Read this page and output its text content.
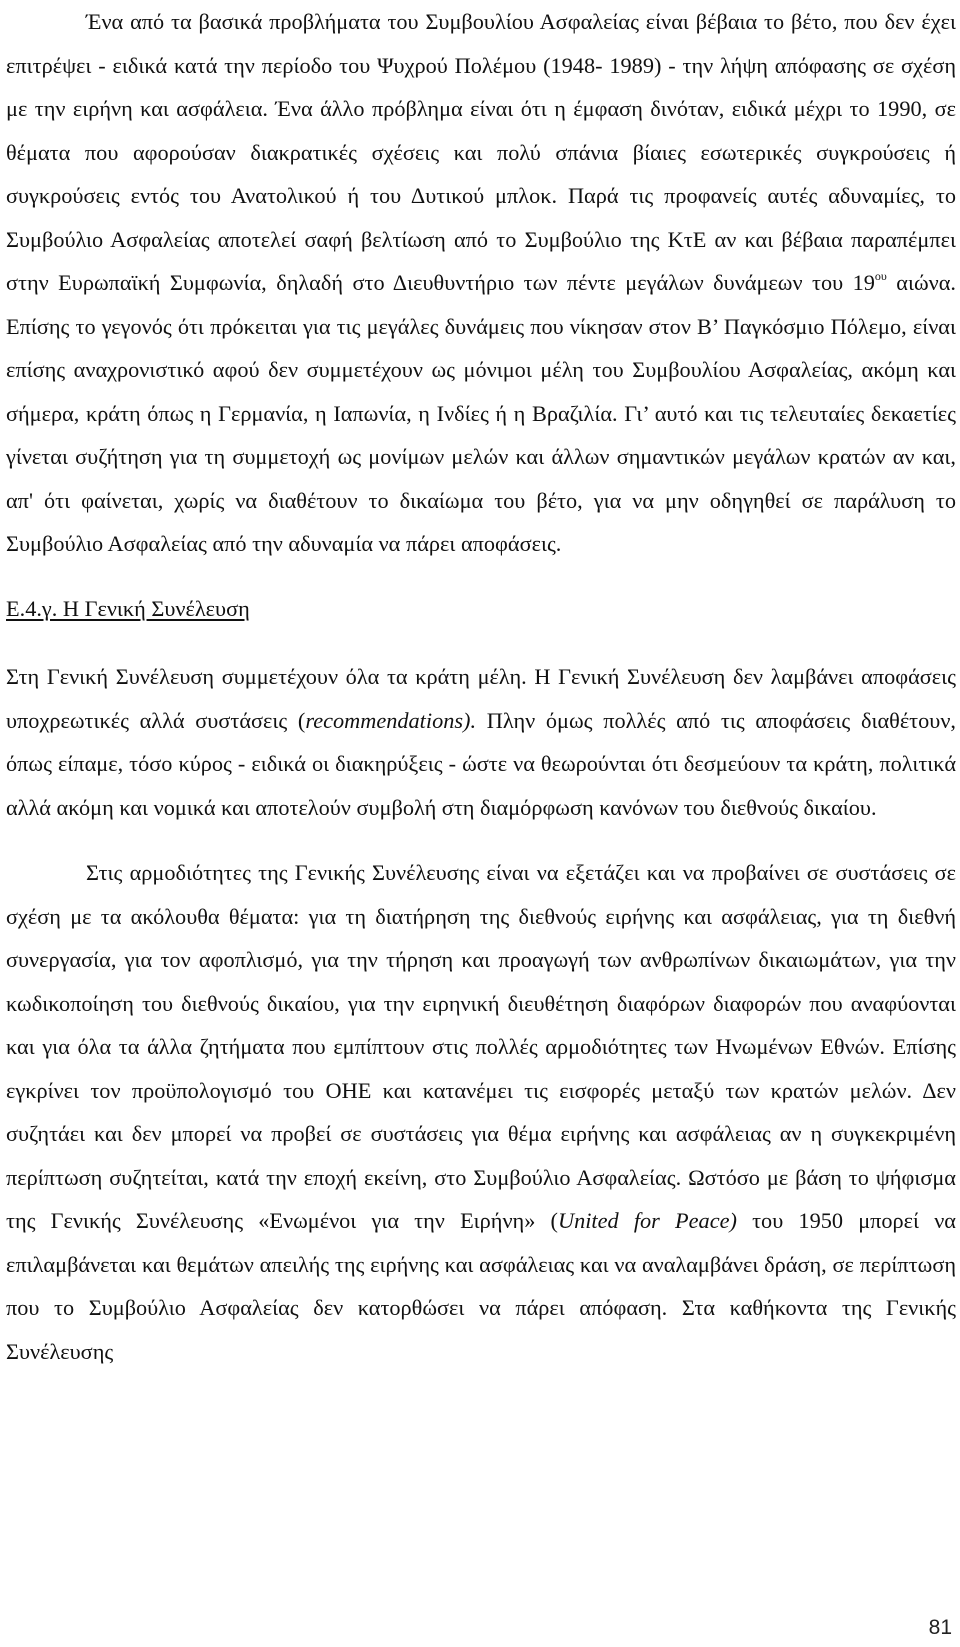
Ένα από τα βασικά προβλήματα του Συμβουλίου Ασφαλείας είναι βέβαια το βέτο, που δεν έχει επιτρέψει - ειδικά κατά την περίοδο του Ψυχρού Πολέμου (1948- 1989) - την λήψη απόφασης σε σχέση με την ειρήνη και ασφάλεια. Ένα άλλο πρόβλημα είναι ότι η έμφαση δινόταν, ειδικά μέχρι το 1990, σε θέματα που αφορούσαν διακρατικές σχέσεις και πολύ σπάνια βίαιες εσωτερικές συγκρούσεις ή συγκρούσεις εντός του Ανατολικού ή του Δυτικού μπλοκ. Παρά τις προφανείς αυτές αδυναμίες, το Συμβούλιο Ασφαλείας αποτελεί σαφή βελτίωση από το Συμβούλιο της ΚτΕ αν και βέβαια παραπέμπει στην Ευρωπαϊκή Συμφωνία, δηλαδή στο Διευθυντήριο των πέντε μεγάλων δυνάμεων του $19^{o\upsilon}$ αιώνα. Επίσης το γεγονός ότι πρόκειται για τις μεγάλες δυνάμεις που νίκησαν στον Β’ Παγκόσμιο Πόλεμο, είναι επίσης αναχρονιστικό αφού δεν συμμετέχουν ως μόνιμοι μέλη του Συμβουλίου Ασφαλείας, ακόμη και σήμερα, κράτη όπως η Γερμανία, η Ιαπωνία, η Ινδίες ή η Βραζιλία. Γι’ αυτό και τις τελευταίες δεκαετίες γίνεται συζήτηση για τη συμμετοχή ως μονίμων μελών και άλλων σημαντικών μεγάλων κρατών αν και, απ' ότι φαίνεται, χωρίς να διαθέτουν το δικαίωμα του βέτο, για να μην οδηγηθεί σε παράλυση το Συμβούλιο Ασφαλείας από την αδυναμία να πάρει αποφάσεις.

Ε.4.γ. Η Γενική Συνέλευση

Στη Γενική Συνέλευση συμμετέχουν όλα τα κράτη μέλη. Η Γενική Συνέλευση δεν λαμβάνει αποφάσεις υποχρεωτικές αλλά συστάσεις (recommendations). Πλην όμως πολλές από τις αποφάσεις διαθέτουν, όπως είπαμε, τόσο κύρος - ειδικά οι διακηρύξεις - ώστε να θεωρούνται ότι δεσμεύουν τα κράτη, πολιτικά αλλά ακόμη και νομικά και αποτελούν συμβολή στη διαμόρφωση κανόνων του διεθνούς δικαίου.

Στις αρμοδιότητες της Γενικής Συνέλευσης είναι να εξετάζει και να προβαίνει σε συστάσεις σε σχέση με τα ακόλουθα θέματα: για τη διατήρηση της διεθνούς ειρήνης και ασφάλειας, για τη διεθνή συνεργασία, για τον αφοπλισμό, για την τήρηση και προαγωγή των ανθρωπίνων δικαιωμάτων, για την κωδικοποίηση του διεθνούς δικαίου, για την ειρηνική διευθέτηση διαφόρων διαφορών που αναφύονται και για όλα τα άλλα ζητήματα που εμπίπτουν στις πολλές αρμοδιότητες των Ηνωμένων Εθνών. Επίσης εγκρίνει τον προϋπολογισμό του ΟΗΕ και κατανέμει τις εισφορές μεταξύ των κρατών μελών. Δεν συζητάει και δεν μπορεί να προβεί σε συστάσεις για θέμα ειρήνης και ασφάλειας αν η συγκεκριμένη περίπτωση συζητείται, κατά την εποχή εκείνη, στο Συμβούλιο Ασφαλείας. Ωστόσο με βάση το ψήφισμα της Γενικής Συνέλευσης «Ενωμένοι για την Ειρήνη» (United for Peace) του 1950 μπορεί να επιλαμβάνεται και θεμάτων απειλής της ειρήνης και ασφάλειας και να αναλαμβάνει δράση, σε περίπτωση που το Συμβούλιο Ασφαλείας δεν κατορθώσει να πάρει απόφαση. Στα καθήκοντα της Γενικής Συνέλευσης

81
